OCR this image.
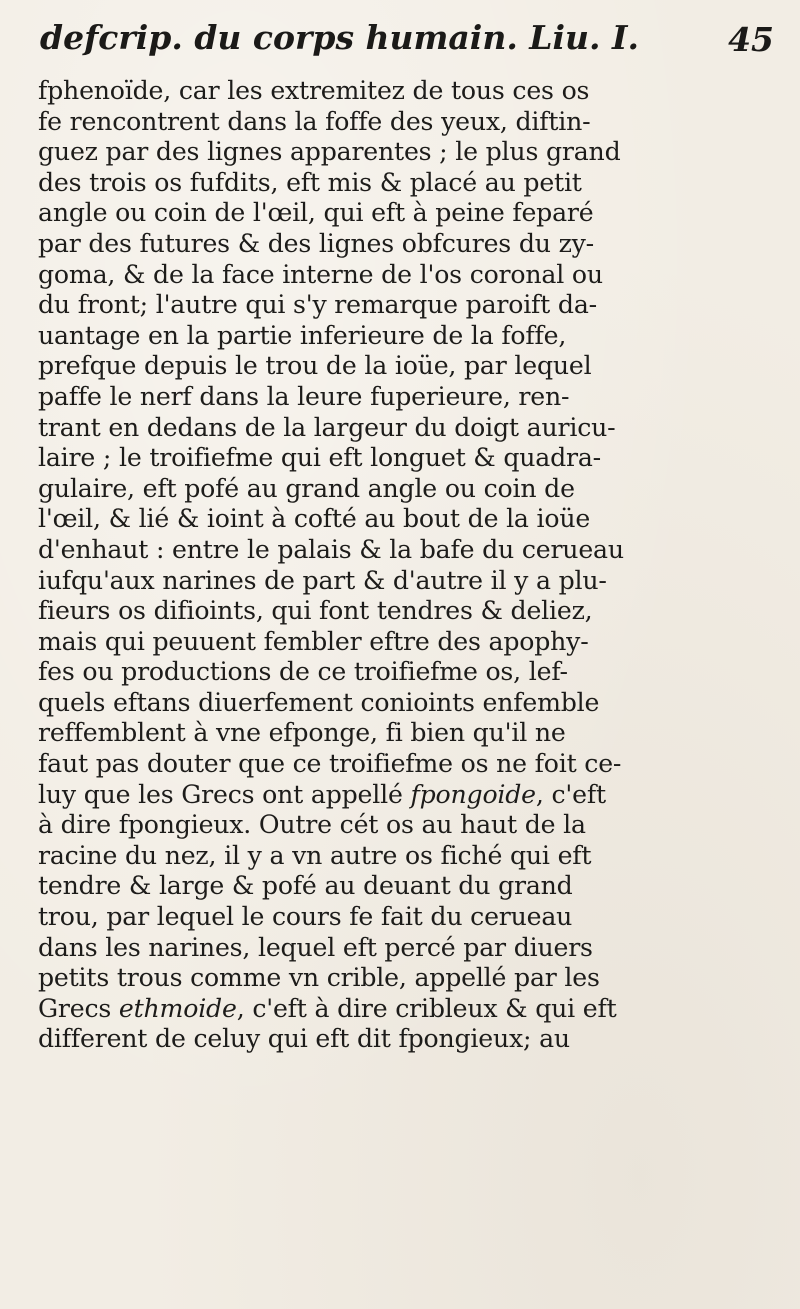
defcrip. du corps humain. Liu. I.	45
fphenoïde, car les extremitez de tous ces os
fe rencontrent dans la foffe des yeux, diftin-
guez par des lignes apparentes ; le plus grand
des trois os fufdits, eft mis & placé au petit
angle ou coin de l'œil, qui eft à peine feparé
par des futures & des lignes obfcures du zy-
goma, & de la face interne de l'os coronal ou
du front; l'autre qui s'y remarque paroift da-
uantage en la partie inferieure de la foffe,
prefque depuis le trou de la ioüe, par lequel
paffe le nerf dans la leure fuperieure, ren-
trant en dedans de la largeur du doigt auricu-
laire ; le troifiefme qui eft longuet & quadra-
gulaire, eft pofé au grand angle ou coin de
l'œil, & lié & ioint à cofté au bout de la ioüe
d'enhaut : entre le palais & la bafe du cerueau
iufqu'aux narines de part & d'autre il y a plu-
fieurs os difioints, qui font tendres & deliez,
mais qui peuuent fembler eftre des apophy-
fes ou productions de ce troifiefme os, lef-
quels eftans diuerfement conioints enfemble
reffemblent à vne efponge, fi bien qu'il ne
faut pas douter que ce troifiefme os ne foit ce-
luy que les Grecs ont appellé fpongoide, c'eft
à dire fpongieux. Outre cét os au haut de la
racine du nez, il y a vn autre os fiché qui eft
tendre & large & pofé au deuant du grand
trou, par lequel le cours fe fait du cerueau
dans les narines, lequel eft percé par diuers
petits trous comme vn crible, appellé par les
Grecs ethmoide, c'eft à dire cribleux & qui eft
different de celuy qui eft dit fpongieux; au
